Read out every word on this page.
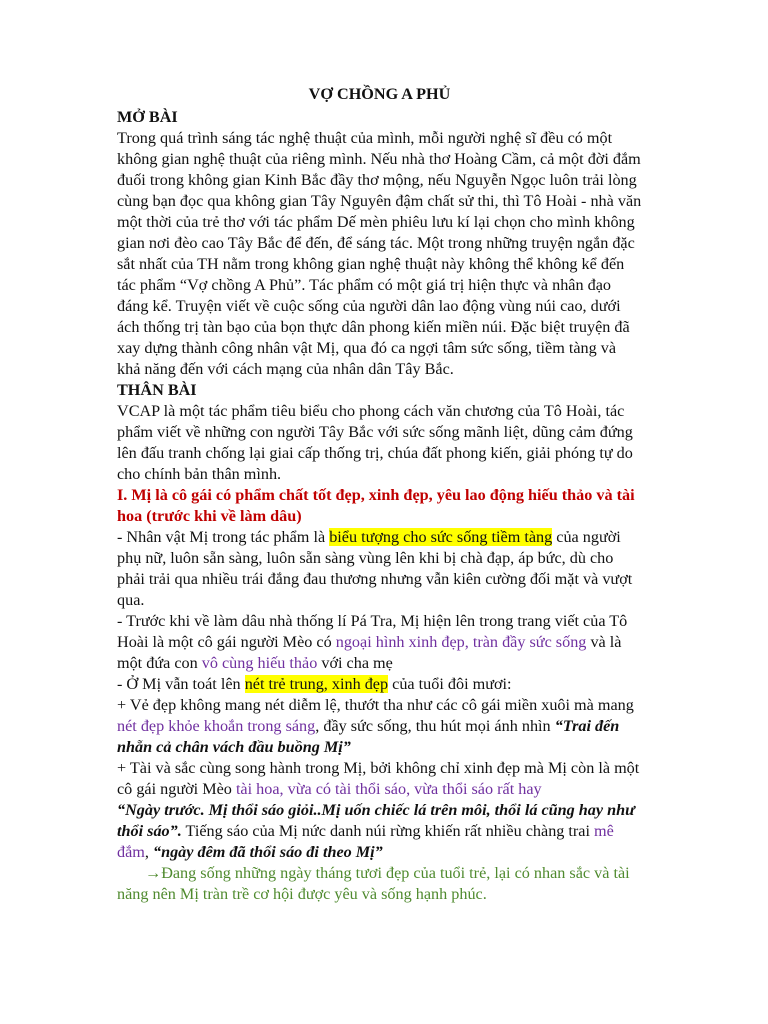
VỢ CHỒNG A PHỦ

MỞ BÀI

Trong quá trình sáng tác nghệ thuật của mình, mỗi người nghệ sĩ đều có một không gian nghệ thuật của riêng mình. Nếu nhà thơ Hoàng Cầm, cả một đời đắm đuối trong không gian Kinh Bắc đầy thơ mộng, nếu Nguyễn Ngọc luôn trải lòng cùng bạn đọc qua không gian Tây Nguyên đậm chất sử thi, thì Tô Hoài - nhà văn một thời của trẻ thơ với tác phẩm Dế mèn phiêu lưu kí lại chọn cho mình không gian nơi đèo cao Tây Bắc để đến, để sáng tác. Một trong những truyện ngắn đặc sắt nhất của TH nằm trong không gian nghệ thuật này không thể không kể đến tác phẩm “Vợ chồng A Phủ”. Tác phẩm có một giá trị hiện thực và nhân đạo đáng kể. Truyện viết về cuộc sống của người dân lao động vùng núi cao, dưới ách thống trị tàn bạo của bọn thực dân phong kiến miền núi. Đặc biệt truyện đã xay dựng thành công nhân vật Mị, qua đó ca ngợi tâm sức sống, tiềm tàng và khả năng đến với cách mạng của nhân dân Tây Bắc.

THÂN BÀI

VCAP là một tác phẩm tiêu biểu cho phong cách văn chương của Tô Hoài, tác phẩm viết về những con người Tây Bắc với sức sống mãnh liệt, dũng cảm đứng lên đấu tranh chống lại giai cấp thống trị, chúa đất phong kiến, giải phóng tự do cho chính bản thân mình.

I. Mị là cô gái có phẩm chất tốt đẹp, xinh đẹp, yêu lao động hiếu thảo và tài hoa (trước khi về làm dâu)

- Nhân vật Mị trong tác phẩm là biểu tượng cho sức sống tiềm tàng của người phụ nữ, luôn sẵn sàng, luôn sẵn sàng vùng lên khi bị chà đạp, áp bức, dù cho phải trải qua nhiều trái đắng đau thương nhưng vẫn kiên cường đối mặt và vượt qua.

- Trước khi về làm dâu nhà thống lí Pá Tra, Mị hiện lên trong trang viết của Tô Hoài là một cô gái người Mèo có ngoại hình xinh đẹp, tràn đầy sức sống và là một đứa con vô cùng hiếu thảo với cha mẹ

- Ở Mị vẫn toát lên nét trẻ trung, xinh đẹp của tuổi đôi mươi:

+ Vẻ đẹp không mang nét diễm lệ, thướt tha như các cô gái miền xuôi mà mang nét đẹp khỏe khoắn trong sáng, đầy sức sống, thu hút mọi ánh nhìn “Trai đến nhẵn cả chân vách đầu buồng Mị”

+ Tài và sắc cùng song hành trong Mị, bởi không chỉ xinh đẹp mà Mị còn là một cô gái người Mèo tài hoa, vừa có tài thổi sáo, vừa thổi sáo rất hay
“Ngày trước. Mị thổi sáo giỏi..Mị uốn chiếc lá trên môi, thổi lá cũng hay như thổi sáo”. Tiếng sáo của Mị nức danh núi rừng khiến rất nhiều chàng trai mê đắm, “ngày đêm đã thổi sáo đi theo Mị”

→Đang sống những ngày tháng tươi đẹp của tuổi trẻ, lại có nhan sắc và tài năng nên Mị tràn trề cơ hội được yêu và sống hạnh phúc.
